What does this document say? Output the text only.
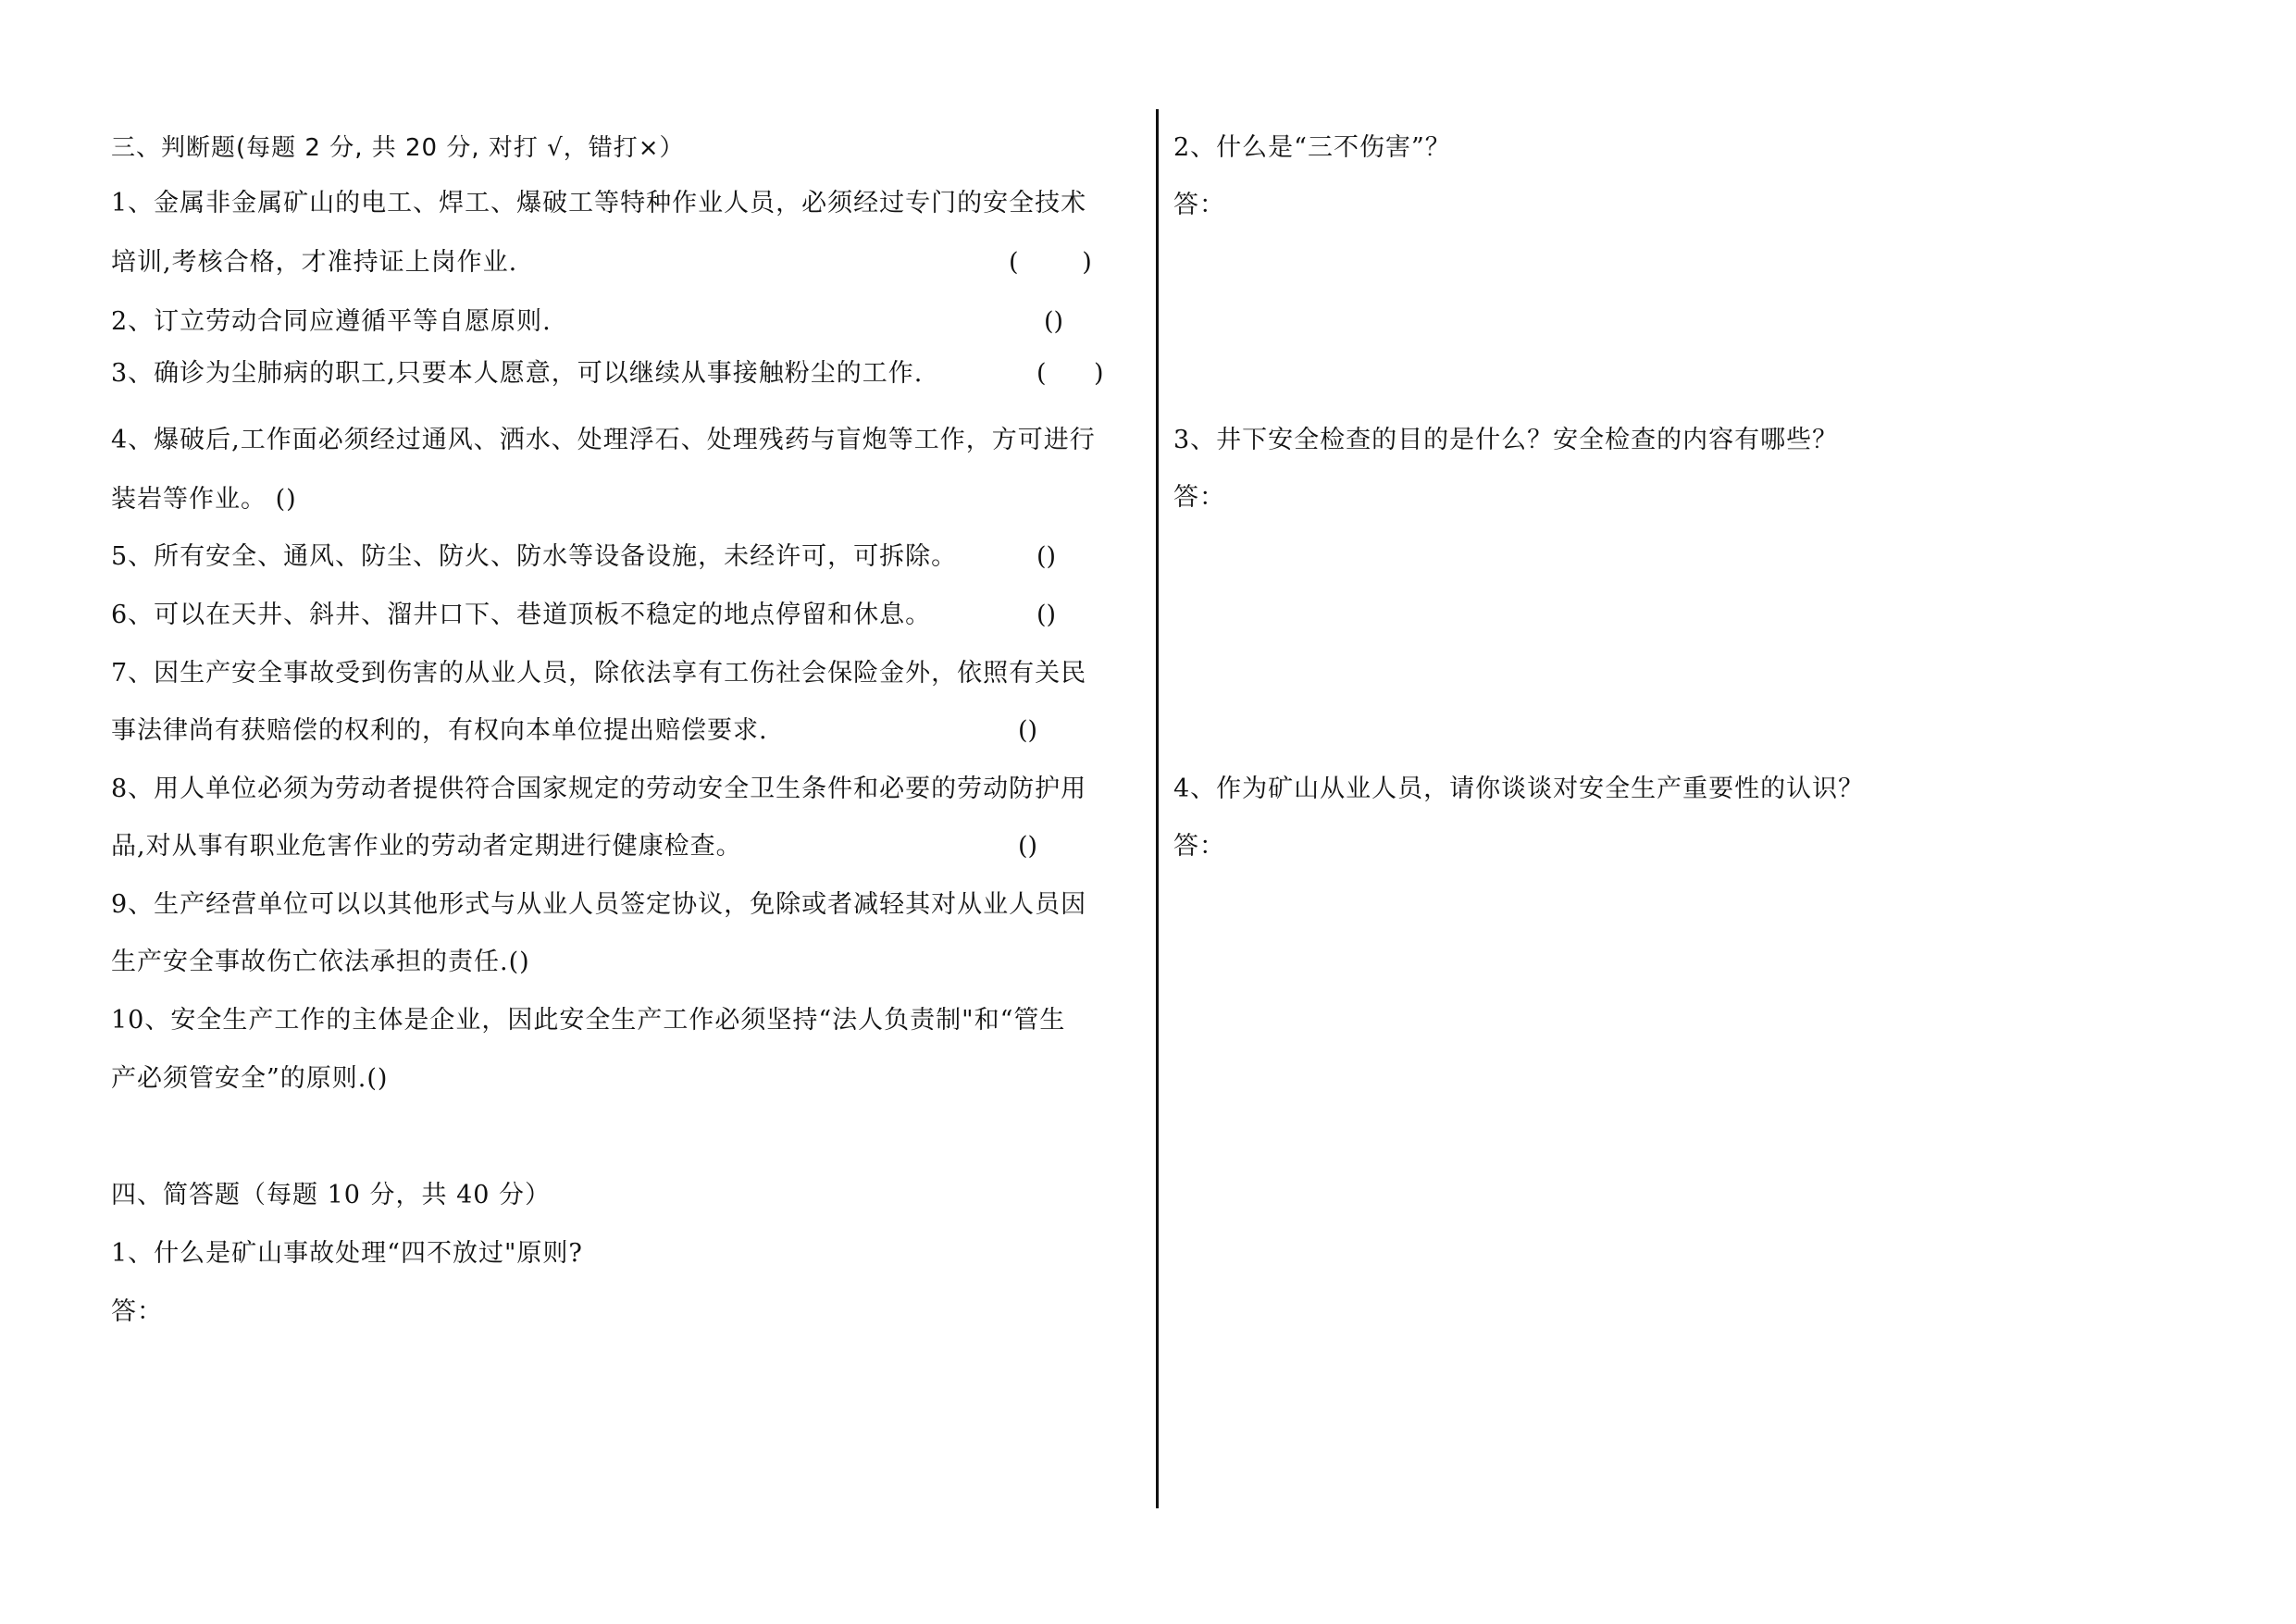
三、判断题(每题 2 分, 共 20 分, 对打 √，错打×）
1、金属非金属矿山的电工、焊工、爆破工等特种作业人员，必须经过专门的安全技术
培训,考核合格，才准持证上岗作业.	(        )
2、订立劳动合同应遵循平等自愿原则.	()
3、确诊为尘肺病的职工,只要本人愿意，可以继续从事接触粉尘的工作.	(      )
4、爆破后,工作面必须经过通风、洒水、处理浮石、处理残药与盲炮等工作，方可进行
装岩等作业。 ()
5、所有安全、通风、防尘、防火、防水等设备设施，未经许可，可拆除。	()
6、可以在天井、斜井、溜井口下、巷道顶板不稳定的地点停留和休息。	()
7、因生产安全事故受到伤害的从业人员，除依法享有工伤社会保险金外，依照有关民
事法律尚有获赔偿的权利的，有权向本单位提出赔偿要求.	()
8、用人单位必须为劳动者提供符合国家规定的劳动安全卫生条件和必要的劳动防护用
品,对从事有职业危害作业的劳动者定期进行健康检查。	()
9、生产经营单位可以以其他形式与从业人员签定协议，免除或者减轻其对从业人员因
生产安全事故伤亡依法承担的责任.()
10、安全生产工作的主体是企业，因此安全生产工作必须坚持“法人负责制"和“管生
产必须管安全”的原则.()
四、简答题（每题 10 分，共 40 分）
1、什么是矿山事故处理“四不放过"原则?
答：
2、什么是“三不伤害”？
答：
3、井下安全检查的目的是什么？安全检查的内容有哪些？
答：
4、作为矿山从业人员，请你谈谈对安全生产重要性的认识？
答：
